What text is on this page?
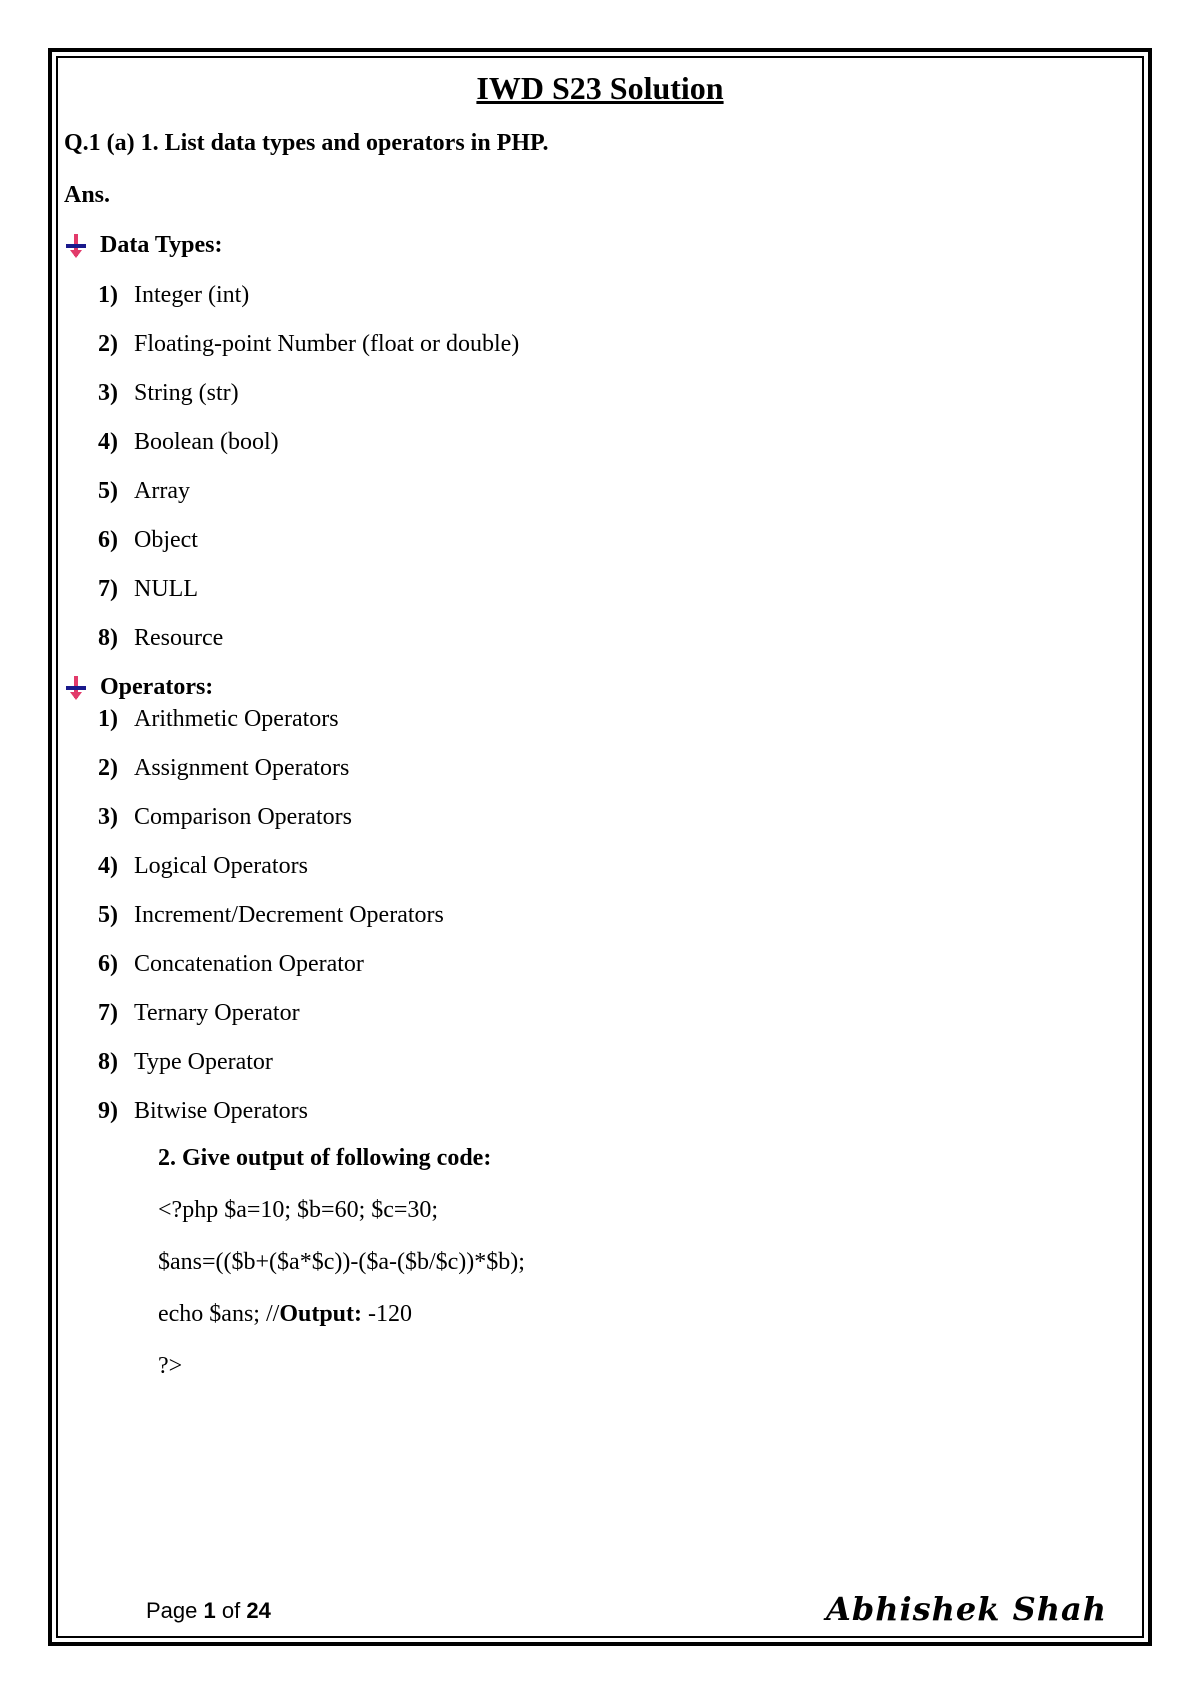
IWD S23 Solution
Q.1 (a) 1. List data types and operators in PHP.
Ans.
Data Types:
1) Integer (int)
2) Floating-point Number (float or double)
3) String (str)
4) Boolean (bool)
5) Array
6) Object
7) NULL
8) Resource
Operators:
1) Arithmetic Operators
2) Assignment Operators
3) Comparison Operators
4) Logical Operators
5) Increment/Decrement Operators
6) Concatenation Operator
7) Ternary Operator
8) Type Operator
9) Bitwise Operators
2. Give output of following code:
<?php $a=10; $b=60; $c=30;
$ans=(($b+($a*$c))-($a-($b/$c))*$b);
echo $ans; //Output: -120
?>
Page 1 of 24	Abhishek Shah
